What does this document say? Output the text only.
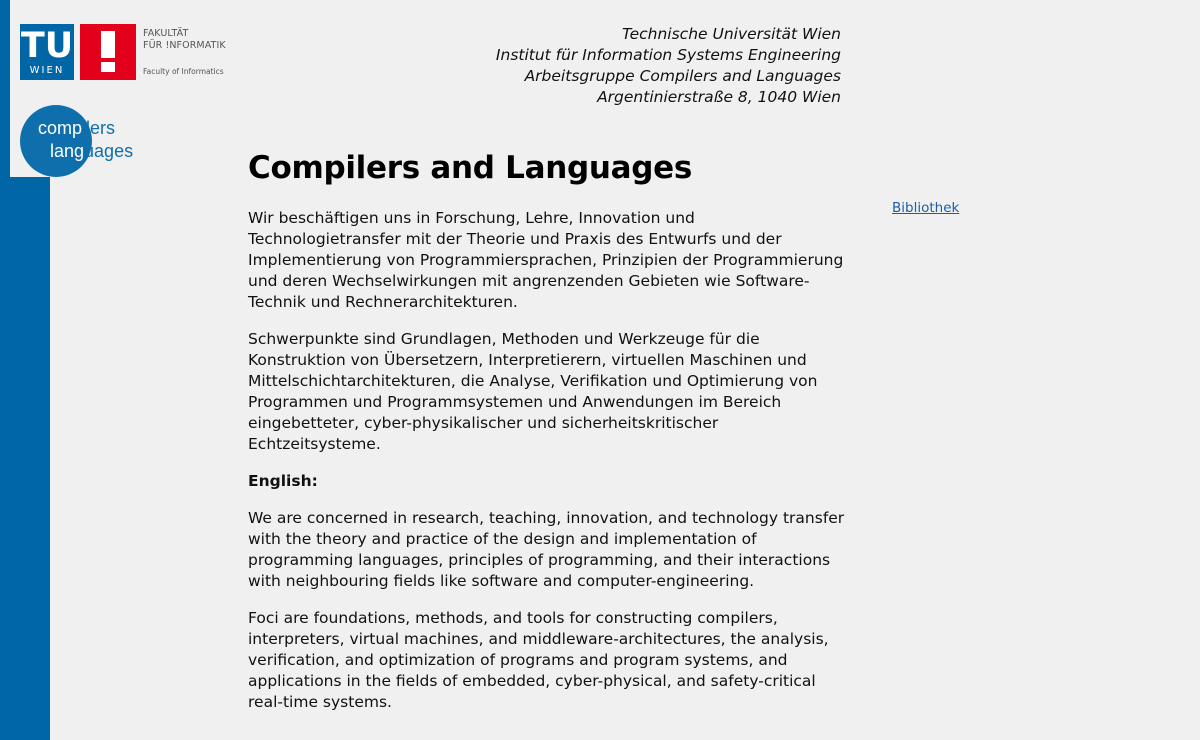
TU
WIEN
FAKULTÄT
FÜR !NFORMATIK
Faculty of Informatics
compilers
languages
Technische Universität Wien
Institut für Information Systems Engineering
Arbeitsgruppe Compilers and Languages
Argentinierstraße 8, 1040 Wien
Compilers and Languages

Wir beschäftigen uns in Forschung, Lehre, Innovation und
Technologietransfer mit der Theorie und Praxis des Entwurfs und der
Implementierung von Programmiersprachen, Prinzipien der Programmierung
und deren Wechselwirkungen mit angrenzenden Gebieten wie Software-
Technik und Rechnerarchitekturen.

Schwerpunkte sind Grundlagen, Methoden und Werkzeuge für die
Konstruktion von Übersetzern, Interpretierern, virtuellen Maschinen und
Mittelschichtarchitekturen, die Analyse, Verifikation und Optimierung von
Programmen und Programmsystemen und Anwendungen im Bereich
eingebetteter, cyber-physikalischer und sicherheitskritischer Echtzeitsysteme.

English:

We are concerned in research, teaching, innovation, and technology transfer
with the theory and practice of the design and implementation of
programming languages, principles of programming, and their interactions
with neighbouring fields like software and computer-engineering.

Foci are foundations, methods, and tools for constructing compilers,
interpreters, virtual machines, and middleware-architectures, the analysis,
verification, and optimization of programs and program systems, and
applications in the fields of embedded, cyber-physical, and safety-critical
real-time systems.

Bibliothek
